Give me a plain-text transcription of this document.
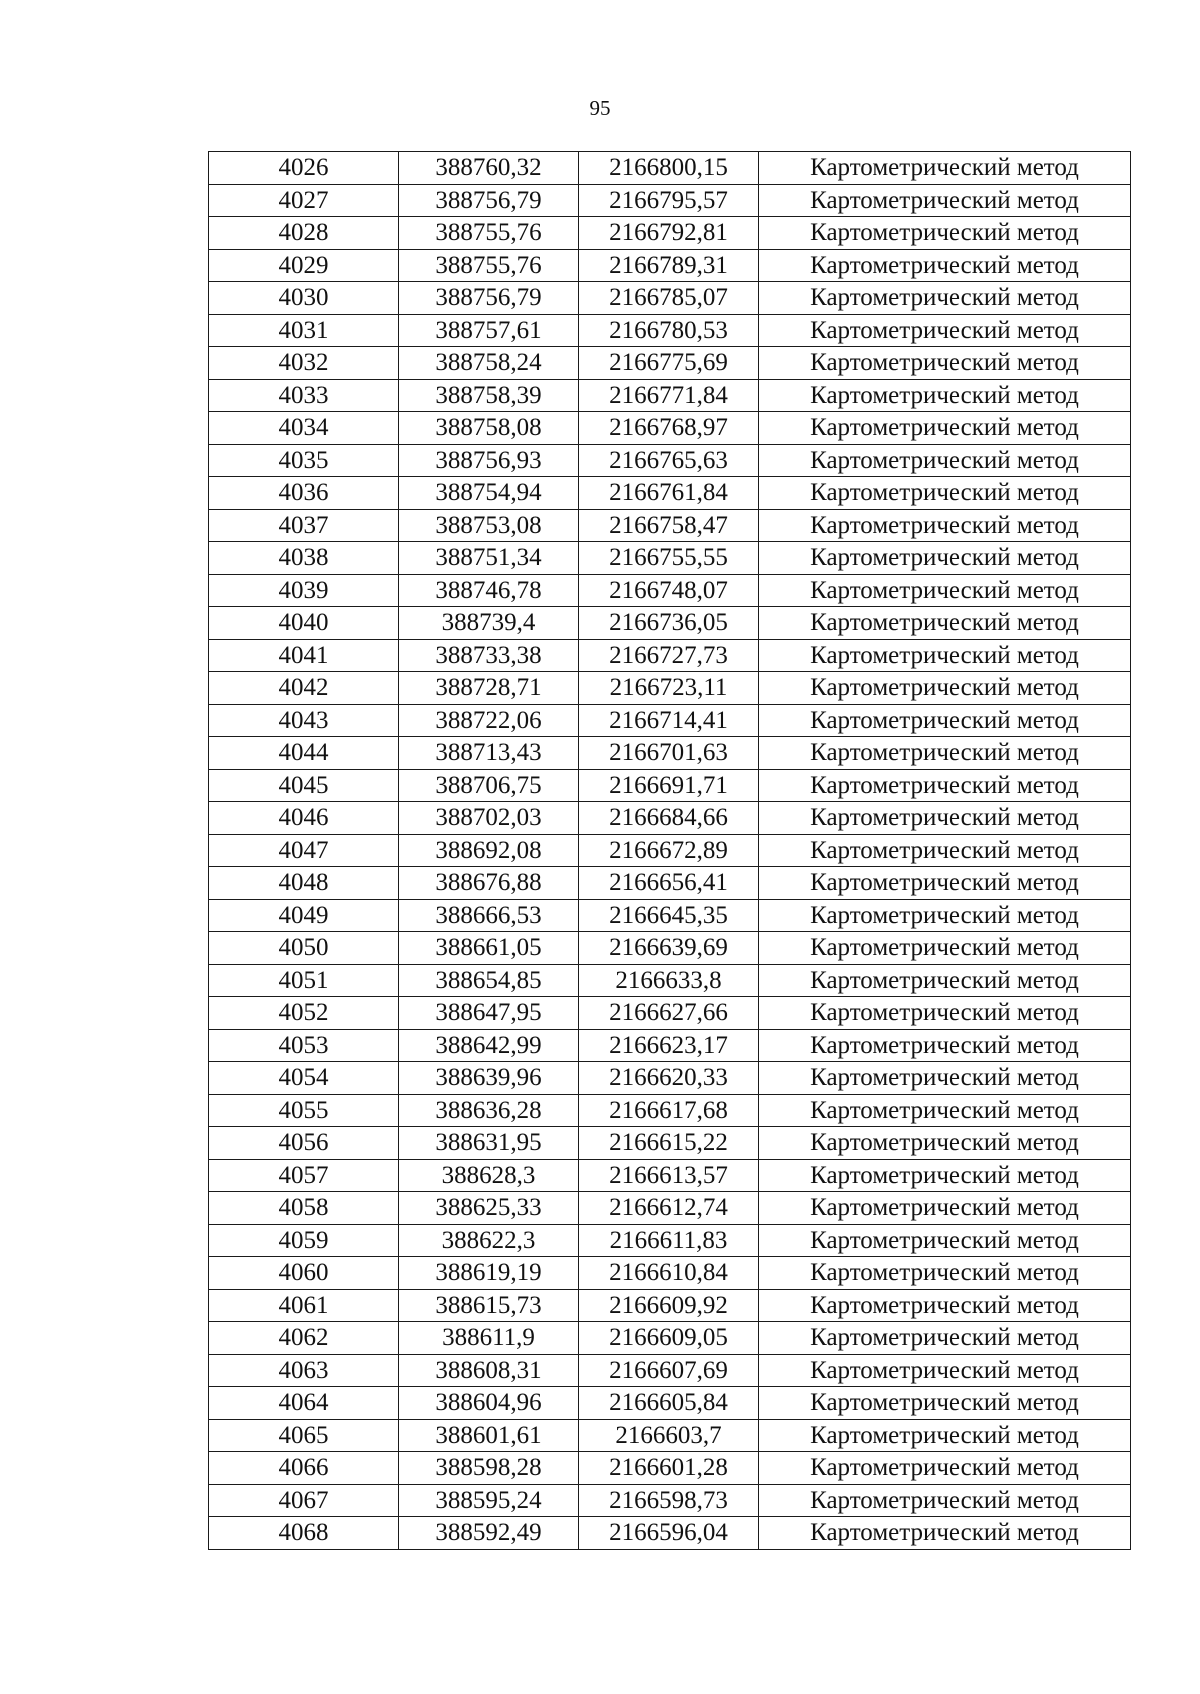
95
4026	388760,32	2166800,15	Картометрический метод
4027	388756,79	2166795,57	Картометрический метод
4028	388755,76	2166792,81	Картометрический метод
4029	388755,76	2166789,31	Картометрический метод
4030	388756,79	2166785,07	Картометрический метод
4031	388757,61	2166780,53	Картометрический метод
4032	388758,24	2166775,69	Картометрический метод
4033	388758,39	2166771,84	Картометрический метод
4034	388758,08	2166768,97	Картометрический метод
4035	388756,93	2166765,63	Картометрический метод
4036	388754,94	2166761,84	Картометрический метод
4037	388753,08	2166758,47	Картометрический метод
4038	388751,34	2166755,55	Картометрический метод
4039	388746,78	2166748,07	Картометрический метод
4040	388739,4	2166736,05	Картометрический метод
4041	388733,38	2166727,73	Картометрический метод
4042	388728,71	2166723,11	Картометрический метод
4043	388722,06	2166714,41	Картометрический метод
4044	388713,43	2166701,63	Картометрический метод
4045	388706,75	2166691,71	Картометрический метод
4046	388702,03	2166684,66	Картометрический метод
4047	388692,08	2166672,89	Картометрический метод
4048	388676,88	2166656,41	Картометрический метод
4049	388666,53	2166645,35	Картометрический метод
4050	388661,05	2166639,69	Картометрический метод
4051	388654,85	2166633,8	Картометрический метод
4052	388647,95	2166627,66	Картометрический метод
4053	388642,99	2166623,17	Картометрический метод
4054	388639,96	2166620,33	Картометрический метод
4055	388636,28	2166617,68	Картометрический метод
4056	388631,95	2166615,22	Картометрический метод
4057	388628,3	2166613,57	Картометрический метод
4058	388625,33	2166612,74	Картометрический метод
4059	388622,3	2166611,83	Картометрический метод
4060	388619,19	2166610,84	Картометрический метод
4061	388615,73	2166609,92	Картометрический метод
4062	388611,9	2166609,05	Картометрический метод
4063	388608,31	2166607,69	Картометрический метод
4064	388604,96	2166605,84	Картометрический метод
4065	388601,61	2166603,7	Картометрический метод
4066	388598,28	2166601,28	Картометрический метод
4067	388595,24	2166598,73	Картометрический метод
4068	388592,49	2166596,04	Картометрический метод
